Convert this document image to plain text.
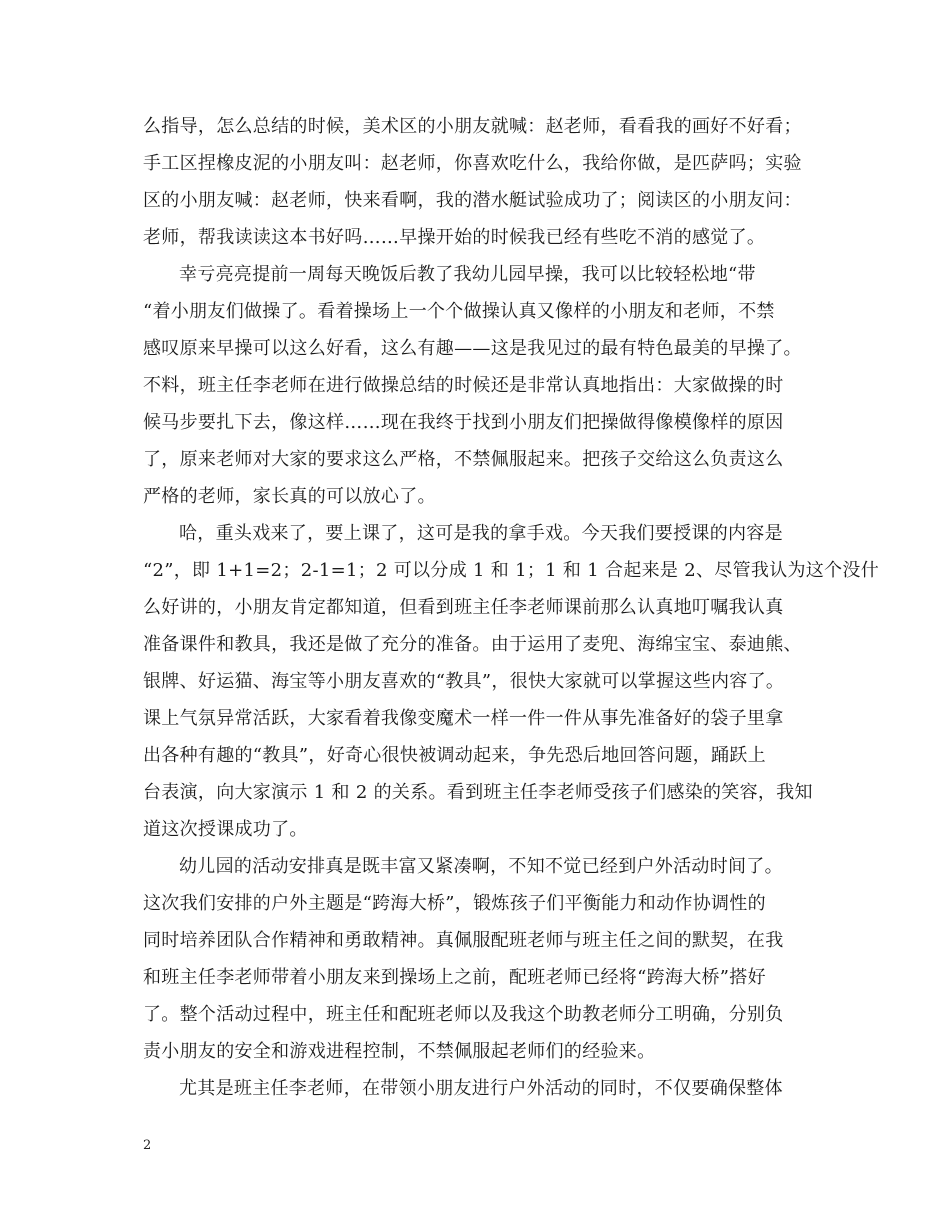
么指导，怎么总结的时候，美术区的小朋友就喊：赵老师，看看我的画好不好看；
手工区捏橡皮泥的小朋友叫：赵老师，你喜欢吃什么，我给你做，是匹萨吗；实验
区的小朋友喊：赵老师，快来看啊，我的潜水艇试验成功了；阅读区的小朋友问：
老师，帮我读读这本书好吗……早操开始的时候我已经有些吃不消的感觉了。
幸亏亮亮提前一周每天晚饭后教了我幼儿园早操，我可以比较轻松地“带
“着小朋友们做操了。看着操场上一个个做操认真又像样的小朋友和老师，不禁
感叹原来早操可以这么好看，这么有趣——这是我见过的最有特色最美的早操了。
不料，班主任李老师在进行做操总结的时候还是非常认真地指出：大家做操的时
候马步要扎下去，像这样……现在我终于找到小朋友们把操做得像模像样的原因
了，原来老师对大家的要求这么严格，不禁佩服起来。把孩子交给这么负责这么
严格的老师，家长真的可以放心了。
哈，重头戏来了，要上课了，这可是我的拿手戏。今天我们要授课的内容是
“2”，即 1+1=2；2-1=1；2 可以分成 1 和 1；1 和 1 合起来是 2、尽管我认为这个没什
么好讲的，小朋友肯定都知道，但看到班主任李老师课前那么认真地叮嘱我认真
准备课件和教具，我还是做了充分的准备。由于运用了麦兜、海绵宝宝、泰迪熊、
银牌、好运猫、海宝等小朋友喜欢的“教具”，很快大家就可以掌握这些内容了。
课上气氛异常活跃，大家看着我像变魔术一样一件一件从事先准备好的袋子里拿
出各种有趣的“教具”，好奇心很快被调动起来，争先恐后地回答问题，踊跃上
台表演，向大家演示 1 和 2 的关系。看到班主任李老师受孩子们感染的笑容，我知
道这次授课成功了。
幼儿园的活动安排真是既丰富又紧凑啊，不知不觉已经到户外活动时间了。
这次我们安排的户外主题是“跨海大桥”，锻炼孩子们平衡能力和动作协调性的
同时培养团队合作精神和勇敢精神。真佩服配班老师与班主任之间的默契，在我
和班主任李老师带着小朋友来到操场上之前，配班老师已经将“跨海大桥”搭好
了。整个活动过程中，班主任和配班老师以及我这个助教老师分工明确，分别负
责小朋友的安全和游戏进程控制，不禁佩服起老师们的经验来。
尤其是班主任李老师，在带领小朋友进行户外活动的同时，不仅要确保整体
2
